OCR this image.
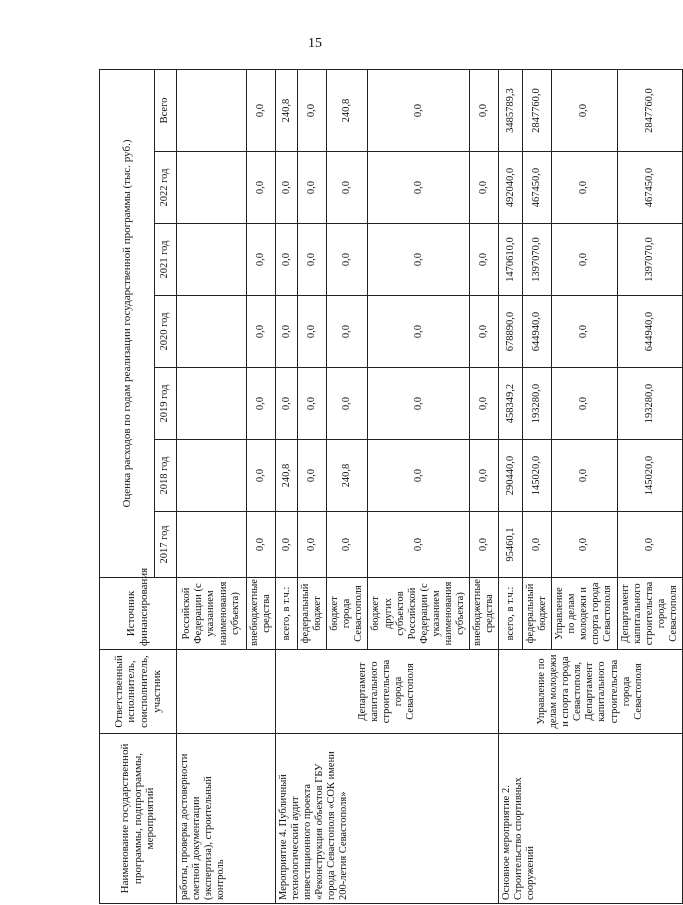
15
Наименование государственной программы, подпрограммы, мероприятий	Ответственный исполнитель, соисполнитель, участник	Источник финансирования	Оценка расходов по годам реализации государственной программы (тыс. руб.)						
			2017 год	2018 год	2019 год	2020 год	2021 год	2022 год	Всего
работы, проверка достоверности сметной документации (экспертиза), строительный контроль		Российской Федерации (с указанием наименования субъекта)							
		внебюджетные средства	0,0	0,0	0,0	0,0	0,0	0,0	0,0
Мероприятие 4. Публичный технологический аудит инвестиционного проекта «Реконструкция объектов ГБУ города Севастополя «СОК имени 200-летия Севастополя»	Департамент капитального строительства города Севастополя	всего, в т.ч.:	0,0	240,8	0,0	0,0	0,0	0,0	240,8
		федеральный бюджет	0,0	0,0	0,0	0,0	0,0	0,0	0,0
		бюджет города Севастополя	0,0	240,8	0,0	0,0	0,0	0,0	240,8
		бюджет других субъектов Российской Федерации (с указанием наименования субъекта)	0,0	0,0	0,0	0,0	0,0	0,0	0,0
		внебюджетные средства	0,0	0,0	0,0	0,0	0,0	0,0	0,0
Основное мероприятие 2. Строительство спортивных сооружений	Управление по делам молодежи и спорта города Севастополя, Департамент капитального строительства города Севастополя	всего, в т.ч.:	95460,1	290440,0	458349,2	678890,0	1470610,0	492040,0	3485789,3
		федеральный бюджет	0,0	145020,0	193280,0	644940,0	1397070,0	467450,0	2847760,0
		Управление по делам молодежи и спорта города Севастополя	0,0	0,0	0,0	0,0	0,0	0,0	0,0
		Департамент капитального строительства города Севастополя	0,0	145020,0	193280,0	644940,0	1397070,0	467450,0	2847760,0
